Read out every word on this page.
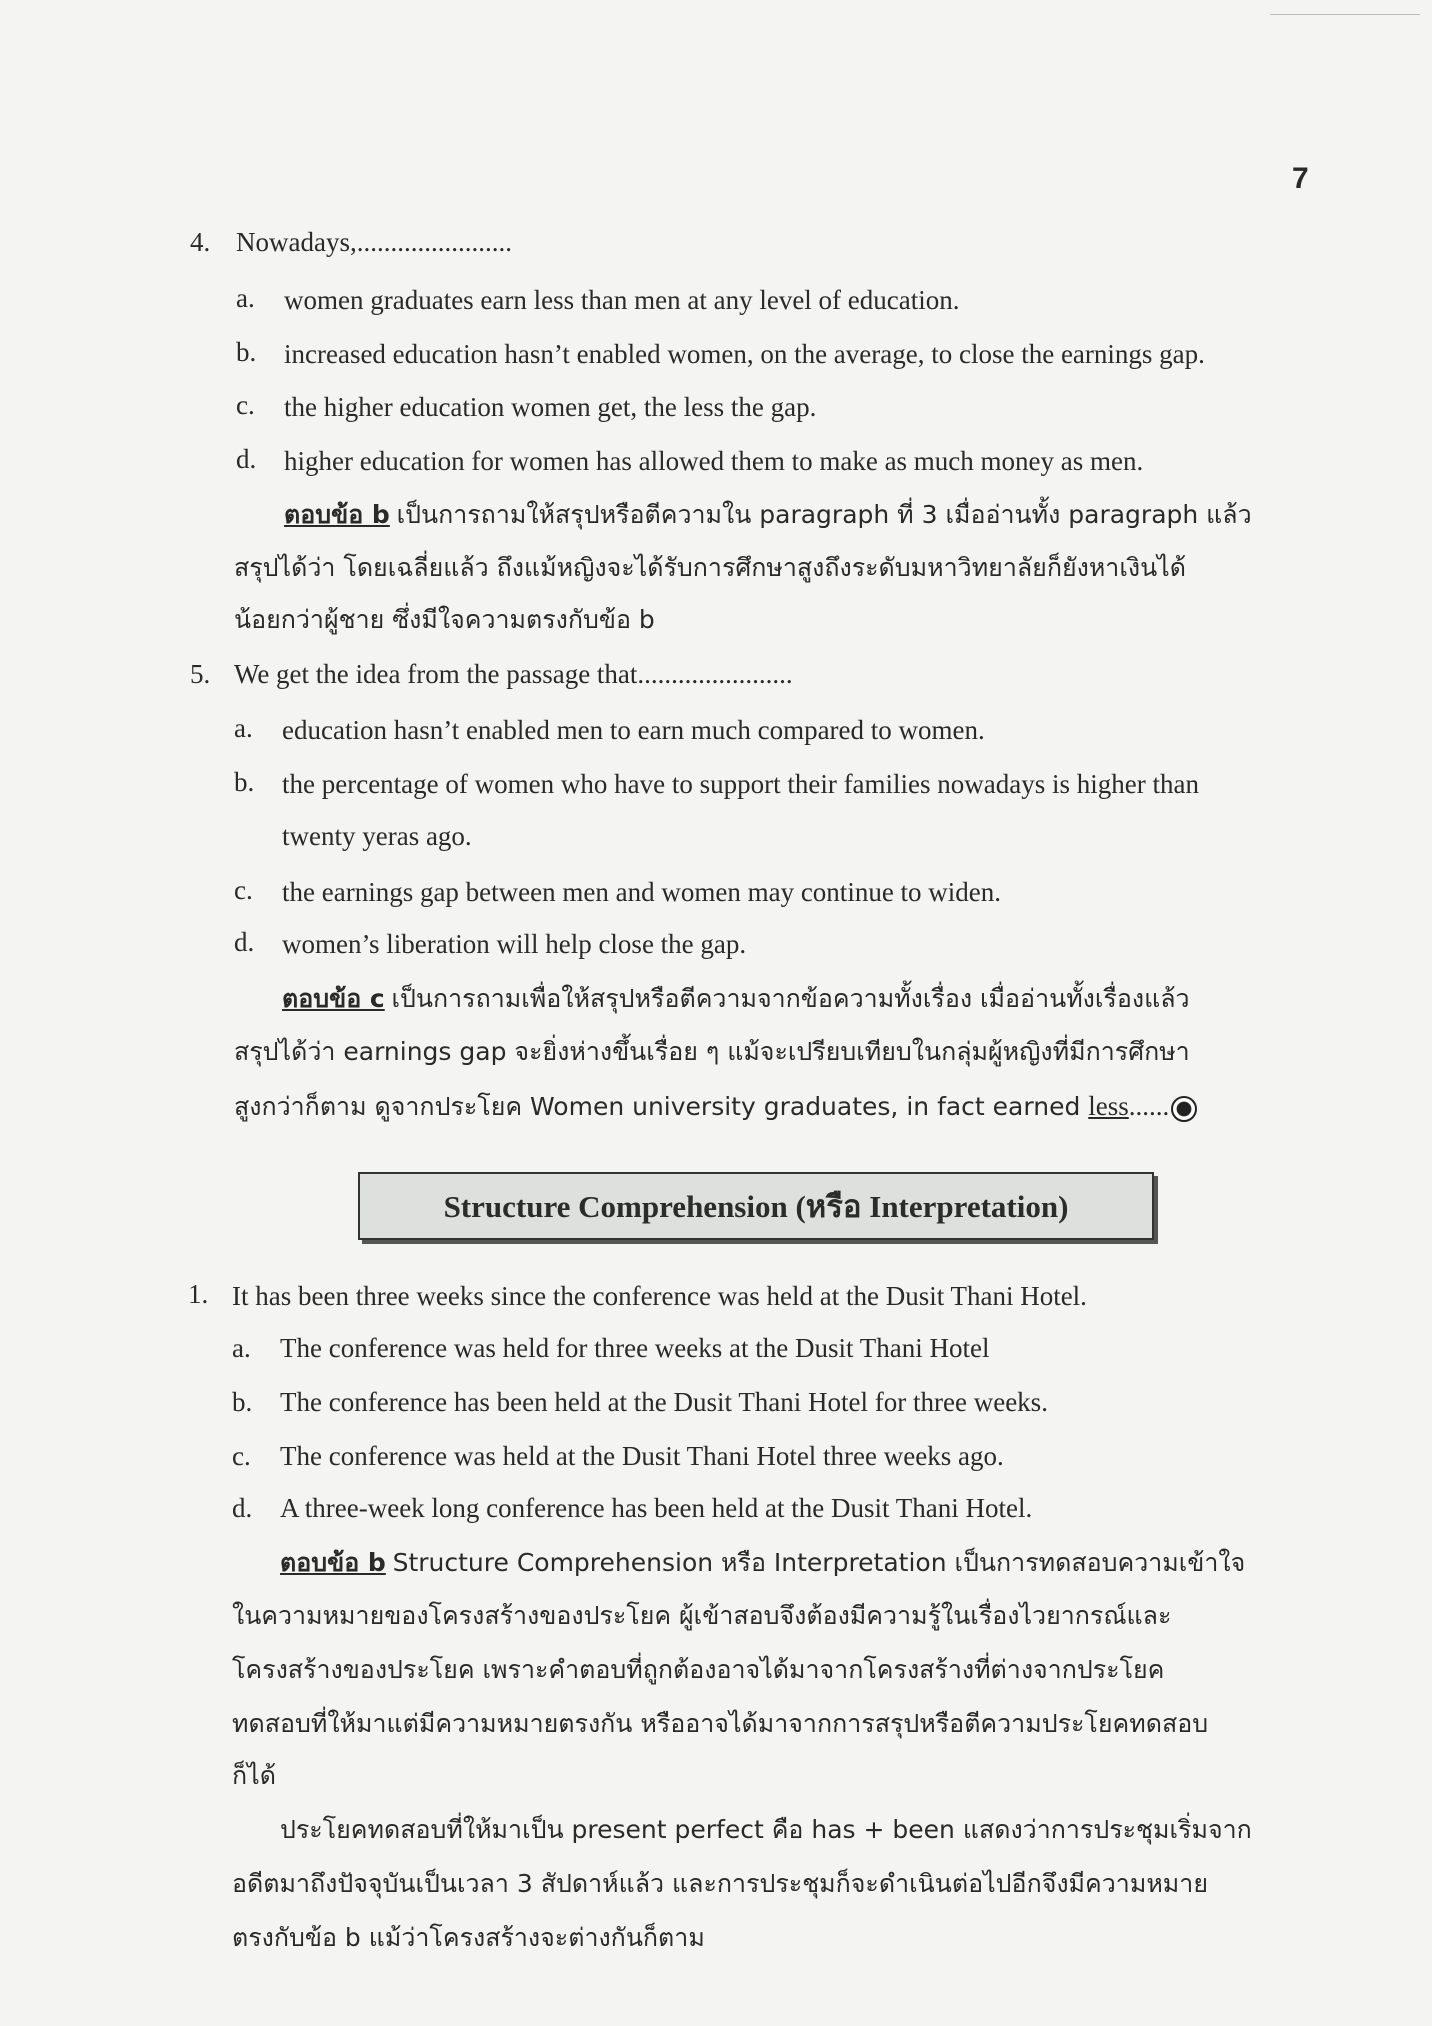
7
4. Nowadays,.......................
a. women graduates earn less than men at any level of education.
b. increased education hasn’t enabled women, on the average, to close the earnings gap.
c. the higher education women get, the less the gap.
d. higher education for women has allowed them to make as much money as men.
ตอบข้อ b เป็นการถามให้สรุปหรือตีความใน paragraph ที่ 3 เมื่ออ่านทั้ง paragraph แล้ว
สรุปได้ว่า โดยเฉลี่ยแล้ว ถึงแม้หญิงจะได้รับการศึกษาสูงถึงระดับมหาวิทยาลัยก็ยังหาเงินได้
น้อยกว่าผู้ชาย ซึ่งมีใจความตรงกับข้อ b
5. We get the idea from the passage that.......................
a. education hasn’t enabled men to earn much compared to women.
b. the percentage of women who have to support their families nowadays is higher than
twenty yeras ago.
c. the earnings gap between men and women may continue to widen.
d. women’s liberation will help close the gap.
ตอบข้อ c เป็นการถามเพื่อให้สรุปหรือตีความจากข้อความทั้งเรื่อง เมื่ออ่านทั้งเรื่องแล้ว
สรุปได้ว่า earnings gap จะยิ่งห่างขึ้นเรื่อย ๆ แม้จะเปรียบเทียบในกลุ่มผู้หญิงที่มีการศึกษา
สูงกว่าก็ตาม ดูจากประโยค Women university graduates, in fact earned less......
Structure Comprehension (หรือ Interpretation)
1. It has been three weeks since the conference was held at the Dusit Thani Hotel.
a. The conference was held for three weeks at the Dusit Thani Hotel
b. The conference has been held at the Dusit Thani Hotel for three weeks.
c. The conference was held at the Dusit Thani Hotel three weeks ago.
d. A three-week long conference has been held at the Dusit Thani Hotel.
ตอบข้อ b Structure Comprehension หรือ Interpretation เป็นการทดสอบความเข้าใจ
ในความหมายของโครงสร้างของประโยค ผู้เข้าสอบจึงต้องมีความรู้ในเรื่องไวยากรณ์และ
โครงสร้างของประโยค เพราะคำตอบที่ถูกต้องอาจได้มาจากโครงสร้างที่ต่างจากประโยค
ทดสอบที่ให้มาแต่มีความหมายตรงกัน หรืออาจได้มาจากการสรุปหรือตีความประโยคทดสอบ
ก็ได้
ประโยคทดสอบที่ให้มาเป็น present perfect คือ has + been แสดงว่าการประชุมเริ่มจาก
อดีตมาถึงปัจจุบันเป็นเวลา 3 สัปดาห์แล้ว และการประชุมก็จะดำเนินต่อไปอีกจึงมีความหมาย
ตรงกับข้อ b แม้ว่าโครงสร้างจะต่างกันก็ตาม
